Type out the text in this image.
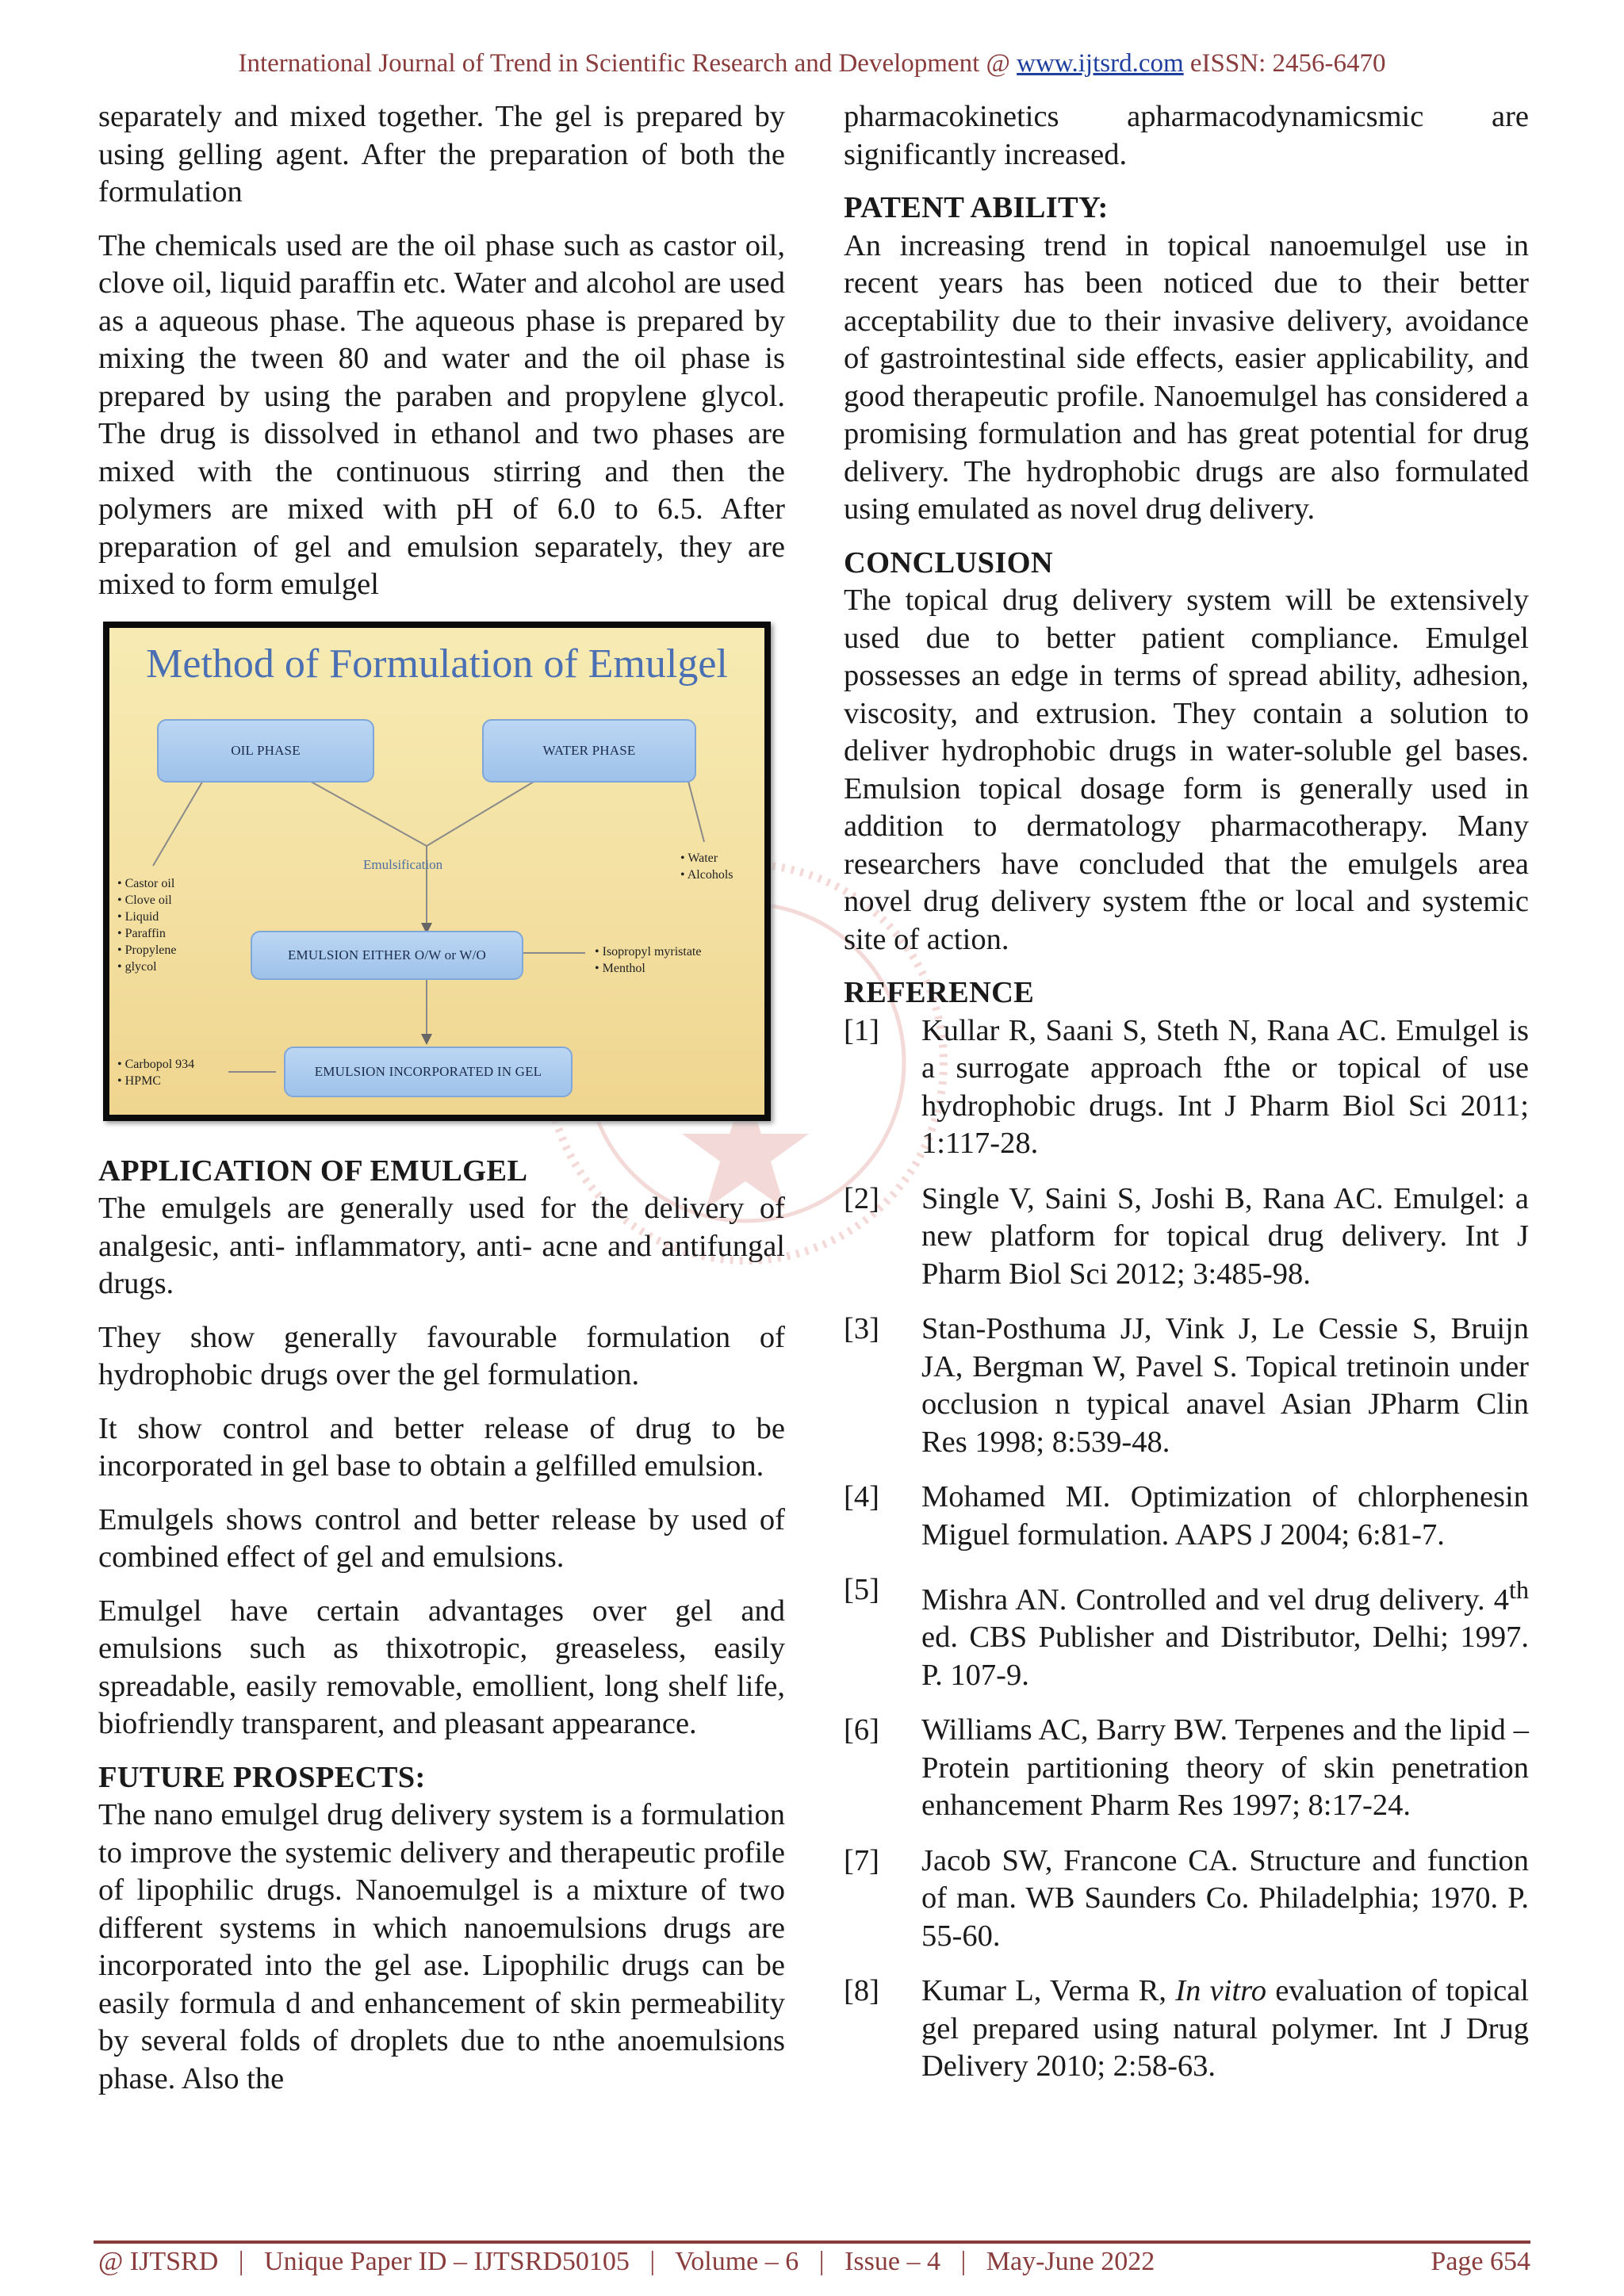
International Journal of Trend in Scientific Research and Development @ www.ijtsrd.com eISSN: 2456-6470

separately and mixed together. The gel is prepared by using gelling agent. After the preparation of both the formulation

The chemicals used are the oil phase such as castor oil, clove oil, liquid paraffin etc. Water and alcohol are used as a aqueous phase. The aqueous phase is prepared by mixing the tween 80 and water and the oil phase is prepared by using the paraben and propylene glycol. The drug is dissolved in ethanol and two phases are mixed with the continuous stirring and then the polymers are mixed with pH of 6.0 to 6.5. After preparation of gel and emulsion separately, they are mixed to form emulgel

Method of Formulation of Emulgel
OIL PHASE	WATER PHASE
Emulsification
EMULSION EITHER O/W or W/O
EMULSION INCORPORATED IN GEL
• Castor oil
• Clove oil
• Liquid
• Paraffin
• Propylene
• glycol
• Water
• Alcohols
• Isopropyl myristate
• Menthol
• Carbopol 934
• HPMC
APPLICATION OF EMULGEL

The emulgels are generally used for the delivery of analgesic, anti- inflammatory, anti- acne and antifungal drugs.

They show generally favourable formulation of hydrophobic drugs over the gel formulation.

It show control and better release of drug to be incorporated in gel base to obtain a gelfilled emulsion.

Emulgels shows control and better release by used of combined effect of gel and emulsions.

Emulgel have certain advantages over gel and emulsions such as thixotropic, greaseless, easily spreadable, easily removable, emollient, long shelf life, biofriendly transparent, and pleasant appearance.

FUTURE PROSPECTS:

The nano emulgel drug delivery system is a formulation to improve the systemic delivery and therapeutic profile of lipophilic drugs. Nanoemulgel is a mixture of two different systems in which nanoemulsions drugs are incorporated into the gel ase. Lipophilic drugs can be easily formula d and enhancement of skin permeability by several folds of droplets due to nthe anoemulsions phase. Also the

pharmacokinetics apharmacodynamicsmic are significantly increased.

PATENT ABILITY:

An increasing trend in topical nanoemulgel use in recent years has been noticed due to their better acceptability due to their invasive delivery, avoidance of gastrointestinal side effects, easier applicability, and good therapeutic profile. Nanoemulgel has considered a promising formulation and has great potential for drug delivery. The hydrophobic drugs are also formulated using emulated as novel drug delivery.

CONCLUSION

The topical drug delivery system will be extensively used due to better patient compliance. Emulgel possesses an edge in terms of spread ability, adhesion, viscosity, and extrusion. They contain a solution to deliver hydrophobic drugs in water-soluble gel bases. Emulsion topical dosage form is generally used in addition to dermatology pharmacotherapy. Many researchers have concluded that the emulgels area novel drug delivery system fthe or local and systemic site of action.

REFERENCE
[1]	Kullar R, Saani S, Steth N, Rana AC. Emulgel is a surrogate approach fthe or topical of use hydrophobic drugs. Int J Pharm Biol Sci 2011; 1:117-28.
[2]	Single V, Saini S, Joshi B, Rana AC. Emulgel: a new platform for topical drug delivery. Int J Pharm Biol Sci 2012; 3:485-98.
[3]	Stan-Posthuma JJ, Vink J, Le Cessie S, Bruijn JA, Bergman W, Pavel S. Topical tretinoin under occlusion n typical anavel Asian JPharm Clin Res 1998; 8:539-48.
[4]	Mohamed MI. Optimization of chlorphenesin Miguel formulation. AAPS J 2004; 6:81-7.
[5]	Mishra AN. Controlled and vel drug delivery. 4th ed. CBS Publisher and Distributor, Delhi; 1997. P. 107-9.
[6]	Williams AC, Barry BW. Terpenes and the lipid – Protein partitioning theory of skin penetration enhancement Pharm Res 1997; 8:17-24.
[7]	Jacob SW, Francone CA. Structure and function of man. WB Saunders Co. Philadelphia; 1970. P. 55-60.
[8]	Kumar L, Verma R, In vitro evaluation of topical gel prepared using natural polymer. Int J Drug Delivery 2010; 2:58-63.
@ IJTSRD   |   Unique Paper ID – IJTSRD50105   |   Volume – 6   |   Issue – 4   |   May-June 2022	Page 654
